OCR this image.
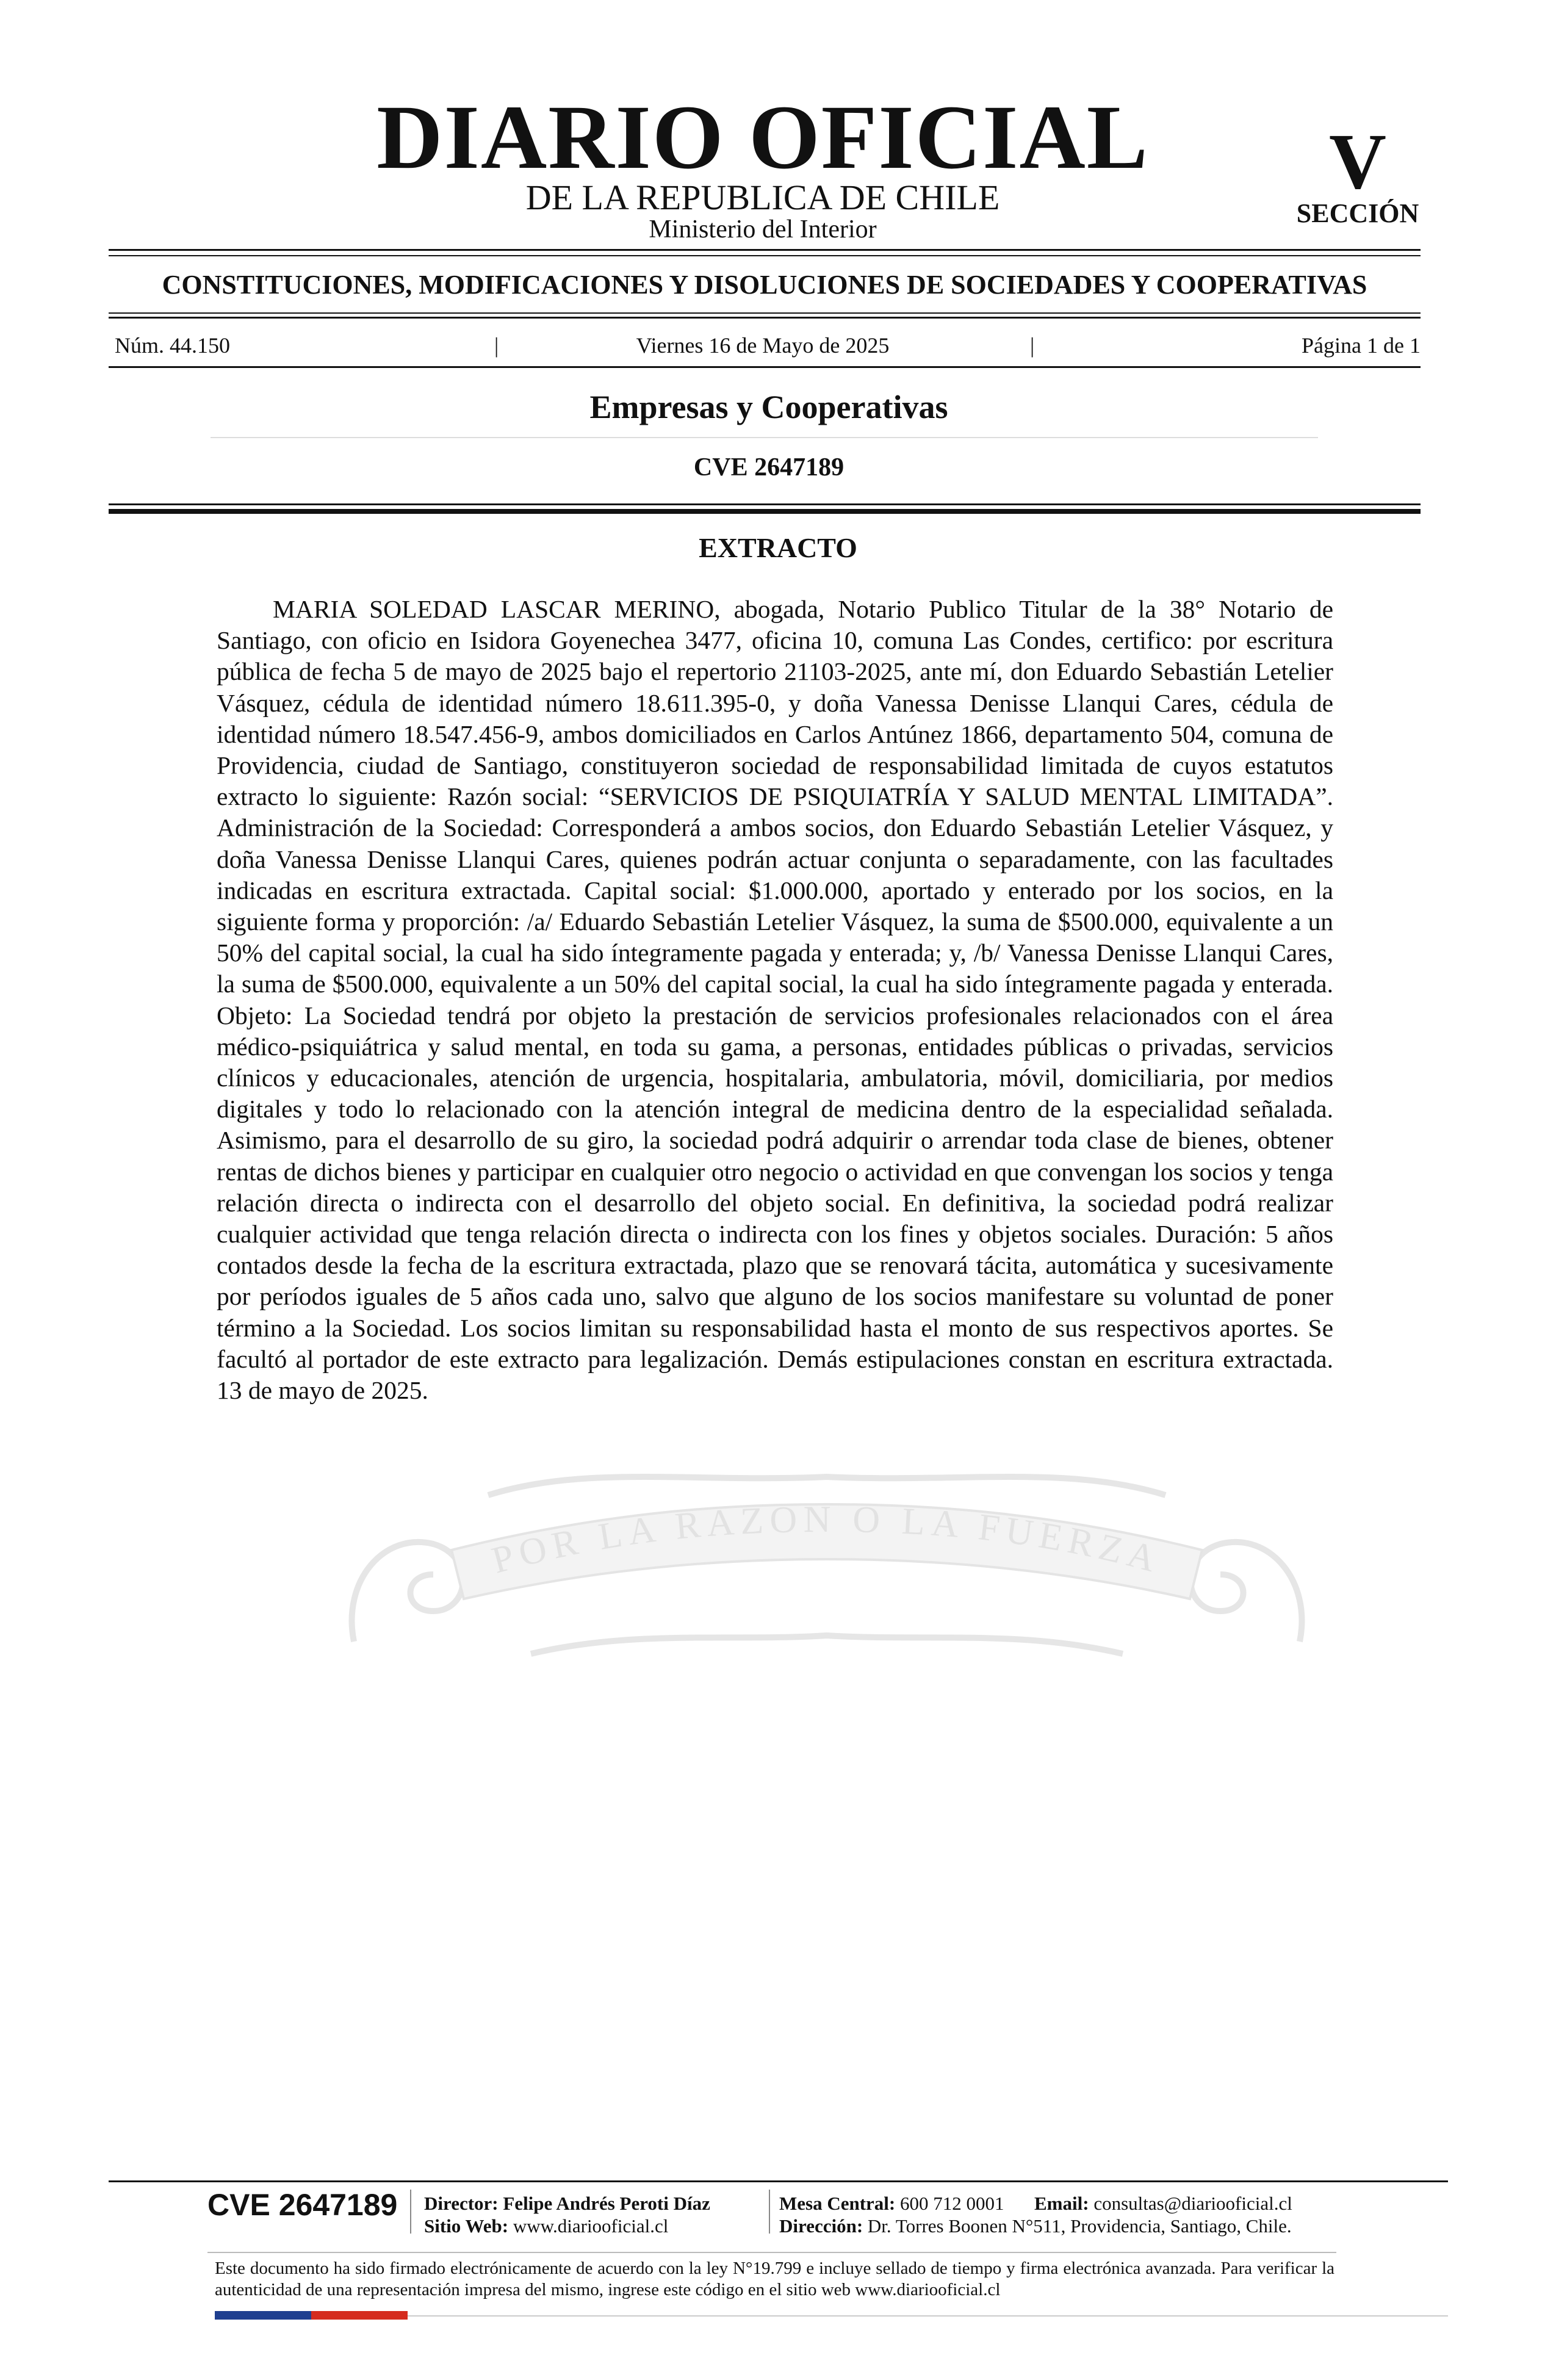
DIARIO OFICIAL
DE LA REPUBLICA DE CHILE
Ministerio del Interior
V
SECCIÓN
CONSTITUCIONES, MODIFICACIONES Y DISOLUCIONES DE SOCIEDADES Y COOPERATIVAS
Núm. 44.150	|	Viernes 16 de Mayo de 2025	|	Página 1 de 1
Empresas y Cooperativas
CVE 2647189
POR LA RAZON O LA FUERZA
EXTRACTO

MARIA SOLEDAD LASCAR MERINO, abogada, Notario Publico Titular de la 38° Notario de Santiago, con oficio en Isidora Goyenechea 3477, oficina 10, comuna Las Condes, certifico: por escritura pública de fecha 5 de mayo de 2025 bajo el repertorio 21103-2025, ante mí, don Eduardo Sebastián Letelier Vásquez, cédula de identidad número 18.611.395-0, y doña Vanessa Denisse Llanqui Cares, cédula de identidad número 18.547.456-9, ambos domiciliados en Carlos Antúnez 1866, departamento 504, comuna de Providencia, ciudad de Santiago, constituyeron sociedad de responsabilidad limitada de cuyos estatutos extracto lo siguiente: Razón social: “SERVICIOS DE PSIQUIATRÍA Y SALUD MENTAL LIMITADA”. Administración de la Sociedad: Corresponderá a ambos socios, don Eduardo Sebastián Letelier Vásquez, y doña Vanessa Denisse Llanqui Cares, quienes podrán actuar conjunta o separadamente, con las facultades indicadas en escritura extractada. Capital social: $1.000.000, aportado y enterado por los socios, en la siguiente forma y proporción: /a/ Eduardo Sebastián Letelier Vásquez, la suma de $500.000, equivalente a un 50% del capital social, la cual ha sido íntegramente pagada y enterada; y, /b/ Vanessa Denisse Llanqui Cares, la suma de $500.000, equivalente a un 50% del capital social, la cual ha sido íntegramente pagada y enterada. Objeto: La Sociedad tendrá por objeto la prestación de servicios profesionales relacionados con el área médico-psiquiátrica y salud mental, en toda su gama, a personas, entidades públicas o privadas, servicios clínicos y educacionales, atención de urgencia, hospitalaria, ambulatoria, móvil, domiciliaria, por medios digitales y todo lo relacionado con la atención integral de medicina dentro de la especialidad señalada. Asimismo, para el desarrollo de su giro, la sociedad podrá adquirir o arrendar toda clase de bienes, obtener rentas de dichos bienes y participar en cualquier otro negocio o actividad en que convengan los socios y tenga relación directa o indirecta con el desarrollo del objeto social. En definitiva, la sociedad podrá realizar cualquier actividad que tenga relación directa o indirecta con los fines y objetos sociales. Duración: 5 años contados desde la fecha de la escritura extractada, plazo que se renovará tácita, automática y sucesivamente por períodos iguales de 5 años cada uno, salvo que alguno de los socios manifestare su voluntad de poner término a la Sociedad. Los socios limitan su responsabilidad hasta el monto de sus respectivos aportes. Se facultó al portador de este extracto para legalización. Demás estipulaciones constan en escritura extractada. 13 de mayo de 2025.

CVE 2647189 Director: Felipe Andrés Peroti Díaz
Sitio Web: www.diariooficial.cl
Mesa Central: 600 712 0001 Email: consultas@diariooficial.cl
Dirección: Dr. Torres Boonen N°511, Providencia, Santiago, Chile.

Este documento ha sido firmado electrónicamente de acuerdo con la ley N°19.799 e incluye sellado de tiempo y firma electrónica avanzada. Para verificar la autenticidad de una representación impresa del mismo, ingrese este código en el sitio web www.diariooficial.cl
